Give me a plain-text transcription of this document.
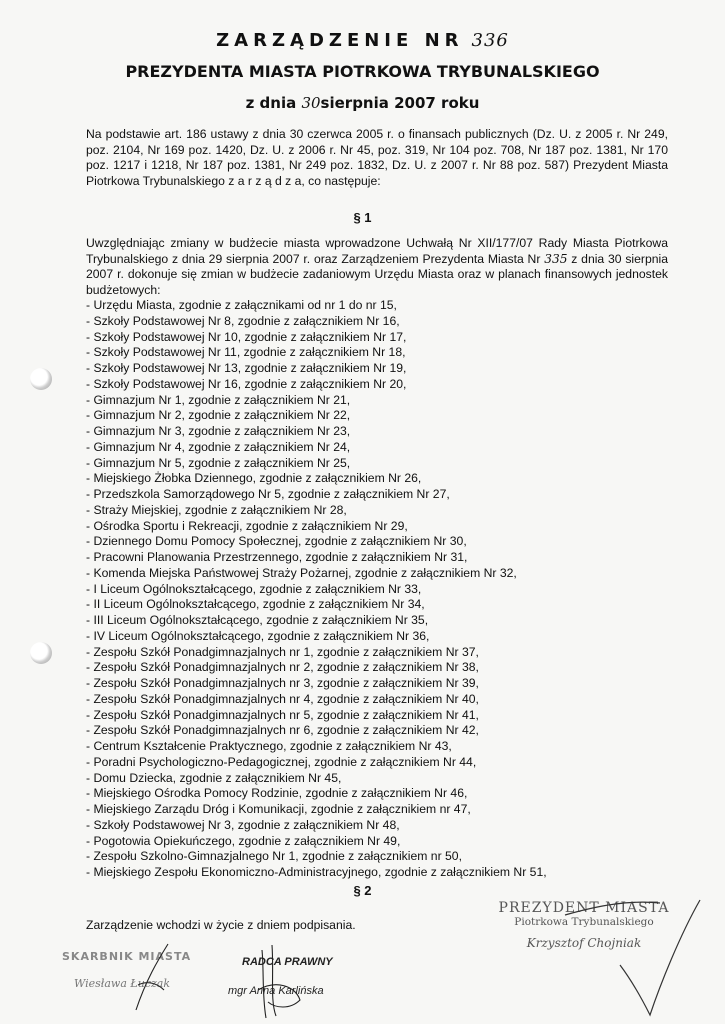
ZARZĄDZENIE NR 336
PREZYDENTA MIASTA PIOTRKOWA TRYBUNALSKIEGO
z dnia 30sierpnia 2007 roku
Na podstawie art. 186 ustawy z dnia 30 czerwca 2005 r. o finansach publicznych (Dz. U. z 2005 r. Nr 249, poz. 2104, Nr 169 poz. 1420, Dz. U. z 2006 r. Nr 45, poz. 319, Nr 104 poz. 708, Nr 187 poz. 1381, Nr 170 poz. 1217 i 1218, Nr 187 poz. 1381, Nr 249 poz. 1832, Dz. U. z 2007 r. Nr 88 poz. 587) Prezydent Miasta Piotrkowa Trybunalskiego z a r z ą d z a, co następuje:
§ 1
Uwzględniając zmiany w budżecie miasta wprowadzone Uchwałą Nr XII/177/07 Rady Miasta Piotrkowa Trybunalskiego z dnia 29 sierpnia 2007 r. oraz Zarządzeniem Prezydenta Miasta Nr 335 z dnia 30 sierpnia 2007 r. dokonuje się zmian w budżecie zadaniowym Urzędu Miasta oraz w planach finansowych jednostek budżetowych:
- Urzędu Miasta, zgodnie z załącznikami od nr 1 do nr 15,
- Szkoły Podstawowej Nr 8, zgodnie z załącznikiem Nr 16,
- Szkoły Podstawowej Nr 10, zgodnie z załącznikiem Nr 17,
- Szkoły Podstawowej Nr 11, zgodnie z załącznikiem Nr 18,
- Szkoły Podstawowej Nr 13, zgodnie z załącznikiem Nr 19,
- Szkoły Podstawowej Nr 16, zgodnie z załącznikiem Nr 20,
- Gimnazjum Nr 1, zgodnie z załącznikiem Nr 21,
- Gimnazjum Nr 2, zgodnie z załącznikiem Nr 22,
- Gimnazjum Nr 3, zgodnie z załącznikiem Nr 23,
- Gimnazjum Nr 4, zgodnie z załącznikiem Nr 24,
- Gimnazjum Nr 5, zgodnie z załącznikiem Nr 25,
- Miejskiego Żłobka Dziennego, zgodnie z załącznikiem Nr 26,
- Przedszkola Samorządowego Nr 5, zgodnie z załącznikiem Nr 27,
- Straży Miejskiej, zgodnie z załącznikiem Nr 28,
- Ośrodka Sportu i Rekreacji, zgodnie z załącznikiem Nr 29,
- Dziennego Domu Pomocy Społecznej, zgodnie z załącznikiem Nr 30,
- Pracowni Planowania Przestrzennego, zgodnie z załącznikiem Nr 31,
- Komenda Miejska Państwowej Straży Pożarnej, zgodnie z załącznikiem Nr 32,
- I Liceum Ogólnokształcącego, zgodnie z załącznikiem Nr 33,
- II Liceum Ogólnokształcącego, zgodnie z załącznikiem Nr 34,
- III Liceum Ogólnokształcącego, zgodnie z załącznikiem Nr 35,
- IV Liceum Ogólnokształcącego, zgodnie z załącznikiem Nr 36,
- Zespołu Szkół Ponadgimnazjalnych nr 1, zgodnie z załącznikiem Nr 37,
- Zespołu Szkół Ponadgimnazjalnych nr 2, zgodnie z załącznikiem Nr 38,
- Zespołu Szkół Ponadgimnazjalnych nr 3, zgodnie z załącznikiem Nr 39,
- Zespołu Szkół Ponadgimnazjalnych nr 4, zgodnie z załącznikiem Nr 40,
- Zespołu Szkół Ponadgimnazjalnych nr 5, zgodnie z załącznikiem Nr 41,
- Zespołu Szkół Ponadgimnazjalnych nr 6, zgodnie z załącznikiem Nr 42,
- Centrum Kształcenie Praktycznego, zgodnie z załącznikiem Nr 43,
- Poradni Psychologiczno-Pedagogicznej, zgodnie z załącznikiem Nr 44,
- Domu Dziecka, zgodnie z załącznikiem Nr 45,
- Miejskiego Ośrodka Pomocy Rodzinie, zgodnie z załącznikiem Nr 46,
- Miejskiego Zarządu Dróg i Komunikacji, zgodnie z załącznikiem nr 47,
- Szkoły Podstawowej Nr 3, zgodnie z załącznikiem Nr 48,
- Pogotowia Opiekuńczego, zgodnie z załącznikiem Nr 49,
- Zespołu Szkolno-Gimnazjalnego Nr 1, zgodnie z załącznikiem nr 50,
- Miejskiego Zespołu Ekonomiczno-Administracyjnego, zgodnie z załącznikiem Nr 51,
§ 2
Zarządzenie wchodzi w życie z dniem podpisania.
PREZYDENT MIASTA
Piotrkowa Trybunalskiego
Krzysztof Chojniak
SKARBNIK MIASTA
Wiesława Łuczak
RADCA PRAWNY
mgr Anna Karlińska
